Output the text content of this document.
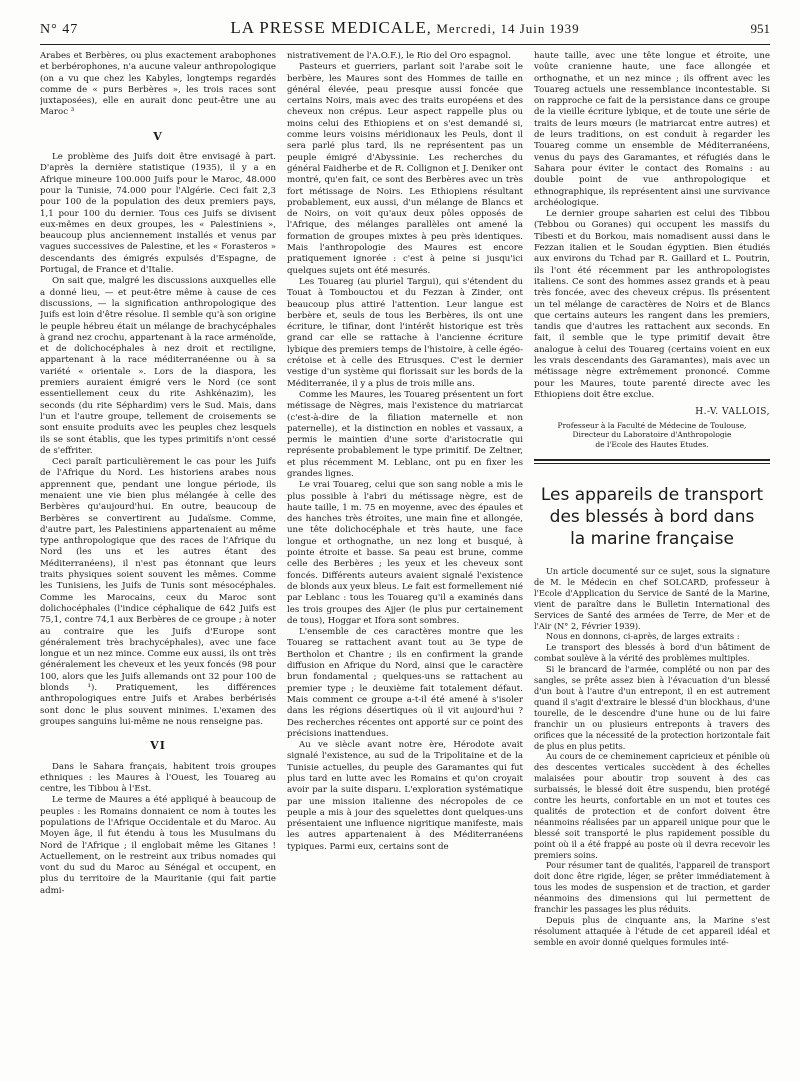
N° 47	LA PRESSE MEDICALE, Mercredi, 14 Juin 1939	951

Arabes et Berbères, ou plus exactement arabophones et berbérophones, n'a aucune valeur anthropologique (on a vu que chez les Kabyles, longtemps regardés comme de « purs Berbères », les trois races sont juxtaposées), elle en aurait donc peut-être une au Maroc ³

V

Le problème des Juifs doit être envisagé à part. D'après la dernière statistique (1935), il y a en Afrique mineure 100.000 Juifs pour le Maroc, 48.000 pour la Tunisie, 74.000 pour l'Algérie. Ceci fait 2,3 pour 100 de la population des deux premiers pays, 1,1 pour 100 du dernier. Tous ces Juifs se divisent eux-mêmes en deux groupes, les « Palestiniens », beaucoup plus anciennement installés et venus par vagues successives de Palestine, et les « Forasteros » descendants des émigrés expulsés d'Espagne, de Portugal, de France et d'Italie.

On sait que, malgré les discussions auxquelles elle a donné lieu, — et peut-être même à cause de ces discussions, — la signification anthropologique des Juifs est loin d'être résolue. Il semble qu'à son origine le peuple hébreu était un mélange de brachycéphales à grand nez crochu, appartenant à la race arménoïde, et de dolichocéphales à nez droit et rectiligne, appartenant à la race méditerranéenne ou à sa variété « orientale ». Lors de la diaspora, les premiers auraient émigré vers le Nord (ce sont essentiellement ceux du rite Ashkénazim), les seconds (du rite Séphardim) vers le Sud. Mais, dans l'un et l'autre groupe, tellement de croisements se sont ensuite produits avec les peuples chez lesquels ils se sont établis, que les types primitifs n'ont cessé de s'effriter.

Ceci paraît particulièrement le cas pour les Juifs de l'Afrique du Nord. Les historiens arabes nous apprennent que, pendant une longue période, ils menaient une vie bien plus mélangée à celle des Berbères qu'aujourd'hui. En outre, beaucoup de Berbères se convertirent au Judaïsme. Comme, d'autre part, les Palestiniens appartenaient au même type anthropologique que des races de l'Afrique du Nord (les uns et les autres étant des Méditerranéens), il n'est pas étonnant que leurs traits physiques soient souvent les mêmes. Comme les Tunisiens, les Juifs de Tunis sont mésocéphales. Comme les Marocains, ceux du Maroc sont dolichocéphales (l'indice céphalique de 642 Juifs est 75,1, contre 74,1 aux Berbères de ce groupe ; à noter au contraire que les Juifs d'Europe sont généralement très brachycéphales), avec une face longue et un nez mince. Comme eux aussi, ils ont très généralement les cheveux et les yeux foncés (98 pour 100, alors que les Juifs allemands ont 32 pour 100 de blonds ¹). Pratiquement, les différences anthropologiques entre Juifs et Arabes berbérisés sont donc le plus souvent minimes. L'examen des groupes sanguins lui-même ne nous renseigne pas.

VI

Dans le Sahara français, habitent trois groupes ethniques : les Maures à l'Ouest, les Touareg au centre, les Tibbou à l'Est.

Le terme de Maures a été appliqué à beaucoup de peuples : les Romains donnaient ce nom à toutes les populations de l'Afrique Occidentale et du Maroc. Au Moyen âge, il fut étendu à tous les Musulmans du Nord de l'Afrique ; il englobait même les Gitanes ! Actuellement, on le restreint aux tribus nomades qui vont du sud du Maroc au Sénégal et occupent, en plus du territoire de la Mauritanie (qui fait partie admi-

nistrativement de l'A.O.F.), le Rio del Oro espagnol.

Pasteurs et guerriers, parlant soit l'arabe soit le berbère, les Maures sont des Hommes de taille en général élevée, peau presque aussi foncée que certains Noirs, mais avec des traits européens et des cheveux non crépus. Leur aspect rappelle plus ou moins celui des Ethiopiens et on s'est demandé si, comme leurs voisins méridionaux les Peuls, dont il sera parlé plus tard, ils ne représentent pas un peuple émigré d'Abyssinie. Les recherches du général Faidherbe et de R. Collignon et J. Deniker ont montré, qu'en fait, ce sont des Berbères avec un très fort métissage de Noirs. Les Ethiopiens résultant probablement, eux aussi, d'un mélange de Blancs et de Noirs, on voit qu'aux deux pôles opposés de l'Afrique, des mélanges parallèles ont amené la formation de groupes mixtes à peu près identiques. Mais l'anthropologie des Maures est encore pratiquement ignorée : c'est à peine si jusqu'ici quelques sujets ont été mesurés.

Les Touareg (au pluriel Targui), qui s'étendent du Touat à Tombouctou et du Fezzan à Zinder, ont beaucoup plus attiré l'attention. Leur langue est berbère et, seuls de tous les Berbères, ils ont une écriture, le tifinar, dont l'intérêt historique est très grand car elle se rattache à l'ancienne écriture lybique des premiers temps de l'histoire, à celle égéo-crétoise et à celle des Etrusques. C'est le dernier vestige d'un système qui florissait sur les bords de la Méditerranée, il y a plus de trois mille ans.

Comme les Maures, les Touareg présentent un fort métissage de Nègres, mais l'existence du matriarcat (c'est-à-dire de la filiation maternelle et non paternelle), et la distinction en nobles et vassaux, a permis le maintien d'une sorte d'aristocratie qui représente probablement le type primitif. De Zeltner, et plus récemment M. Leblanc, ont pu en fixer les grandes lignes.

Le vrai Touareg, celui que son sang noble a mis le plus possible à l'abri du métissage nègre, est de haute taille, 1 m. 75 en moyenne, avec des épaules et des hanches très étroites, une main fine et allongée, une tête dolichocéphale et très haute, une face longue et orthognathe, un nez long et busqué, à pointe étroite et basse. Sa peau est brune, comme celle des Berbères ; les yeux et les cheveux sont foncés. Différents auteurs avaient signalé l'existence de blonds aux yeux bleus. Le fait est formellement nié par Leblanc : tous les Touareg qu'il a examinés dans les trois groupes des Ajjer (le plus pur certainement de tous), Hoggar et Ifora sont sombres.

L'ensemble de ces caractères montre que les Touareg se rattachent avant tout au 3e type de Bertholon et Chantre ; ils en confirment la grande diffusion en Afrique du Nord, ainsi que le caractère brun fondamental ; quelques-uns se rattachent au premier type ; le deuxième fait totalement défaut. Mais comment ce groupe a-t-il été amené à s'isoler dans les régions désertiques où il vit aujourd'hui ? Des recherches récentes ont apporté sur ce point des précisions inattendues.

Au ve siècle avant notre ère, Hérodote avait signalé l'existence, au sud de la Tripolitaine et de la Tunisie actuelles, du peuple des Garamantes qui fut plus tard en lutte avec les Romains et qu'on croyait avoir par la suite disparu. L'exploration systématique par une mission italienne des nécropoles de ce peuple a mis à jour des squelettes dont quelques-uns présentaient une influence nigritique manifeste, mais les autres appartenaient à des Méditerranéens typiques. Parmi eux, certains sont de

haute taille, avec une tête longue et étroite, une voûte cranienne haute, une face allongée et orthognathe, et un nez mince ; ils offrent avec les Touareg actuels une ressemblance incontestable. Si on rapproche ce fait de la persistance dans ce groupe de la vieille écriture lybique, et de toute une série de traits de leurs mœurs (le matriarcat entre autres) et de leurs traditions, on est conduit à regarder les Touareg comme un ensemble de Méditerranéens, venus du pays des Garamantes, et réfugiés dans le Sahara pour éviter le contact des Romains : au double point de vue anthropologique et ethnographique, ils représentent ainsi une survivance archéologique.

Le dernier groupe saharien est celui des Tibbou (Tebbou ou Goranes) qui occupent les massifs du Tibesti et du Borkou, mais nomadisent aussi dans le Fezzan italien et le Soudan égyptien. Bien étudiés aux environs du Tchad par R. Gaillard et L. Poutrin, ils l'ont été récemment par les anthropologistes italiens. Ce sont des hommes assez grands et à peau très foncée, avec des cheveux crépus. Ils présentent un tel mélange de caractères de Noirs et de Blancs que certains auteurs les rangent dans les premiers, tandis que d'autres les rattachent aux seconds. En fait, il semble que le type primitif devait être analogue à celui des Touareg (certains voient en eux les vrais descendants des Garamantes), mais avec un métissage nègre extrêmement prononcé. Comme pour les Maures, toute parenté directe avec les Ethiopiens doit être exclue.

H.-V. VALLOIS,
Professeur à la Faculté de Médecine de Toulouse,
Directeur du Laboratoire d'Anthropologie
de l'Ecole des Hautes Etudes.
Les appareils de transport des blessés à bord dans la marine française

Un article documenté sur ce sujet, sous la signature de M. le Médecin en chef SOLCARD, professeur à l'Ecole d'Application du Service de Santé de la Marine, vient de paraître dans le Bulletin International des Services de Santé des armées de Terre, de Mer et de l'Air (N° 2, Février 1939).

Nous en donnons, ci-après, de larges extraits :

Le transport des blessés à bord d'un bâtiment de combat soulève à la vérité des problèmes multiples.

Si le brancard de l'armée, complété ou non par des sangles, se prête assez bien à l'évacuation d'un blessé d'un bout à l'autre d'un entrepont, il en est autrement quand il s'agit d'extraire le blessé d'un blockhaus, d'une tourelle, de le descendre d'une hune ou de lui faire franchir un ou plusieurs entreponts à travers des orifices que la nécessité de la protection horizontale fait de plus en plus petits.

Au cours de ce cheminement capricieux et pénible où des descentes verticales succèdent à des échelles malaisées pour aboutir trop souvent à des cas surbaissés, le blessé doit être suspendu, bien protégé contre les heurts, confortable en un mot et toutes ces qualités de protection et de confort doivent être néanmoins réalisées par un appareil unique pour que le blessé soit transporté le plus rapidement possible du point où il a été frappé au poste où il devra recevoir les premiers soins.

Pour résumer tant de qualités, l'appareil de transport doit donc être rigide, léger, se prêter immédiatement à tous les modes de suspension et de traction, et garder néanmoins des dimensions qui lui permettent de franchir les passages les plus réduits.

Depuis plus de cinquante ans, la Marine s'est résolument attaquée à l'étude de cet appareil idéal et semble en avoir donné quelques formules inté-
